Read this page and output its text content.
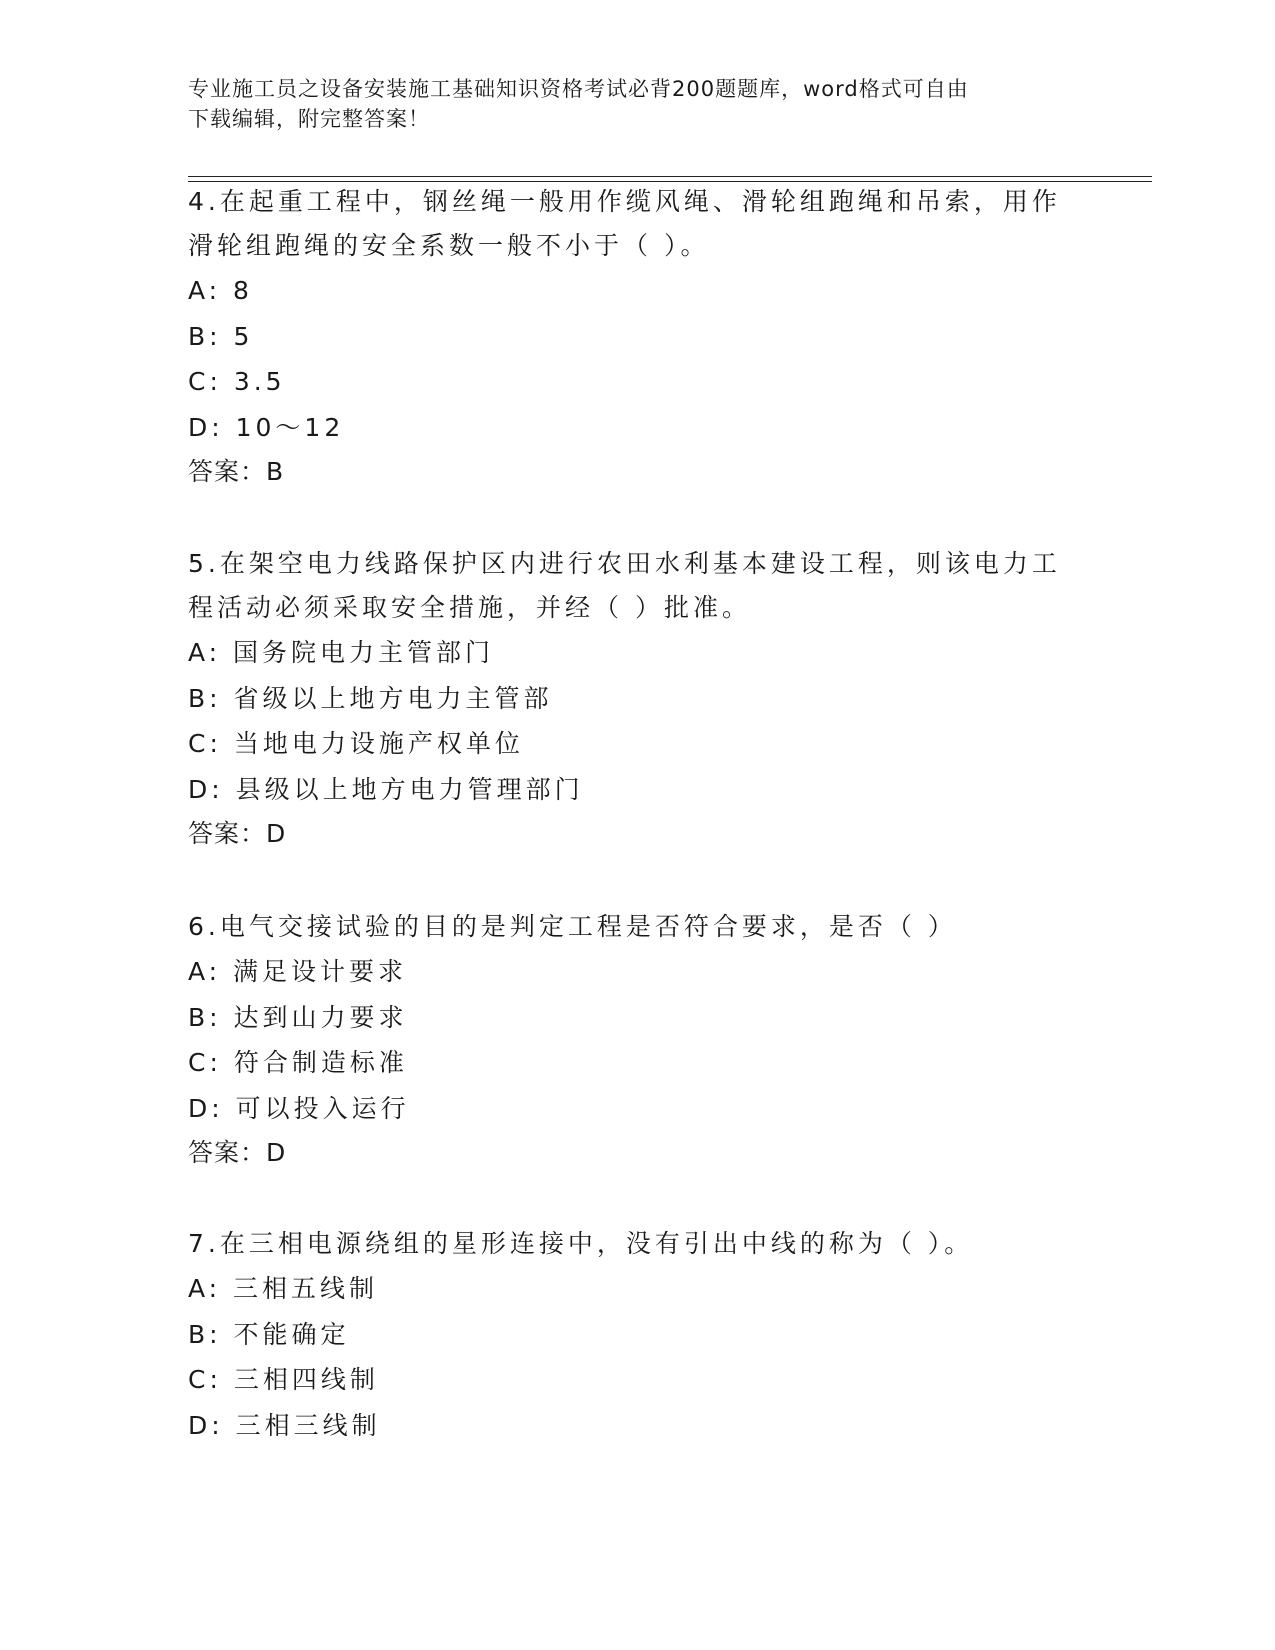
专业施工员之设备安装施工基础知识资格考试必背200题题库，word格式可自由
下载编辑，附完整答案！

4.在起重工程中，钢丝绳一般用作缆风绳、滑轮组跑绳和吊索，用作

滑轮组跑绳的安全系数一般不小于（ ）。

A: 8

B: 5

C: 3.5

D: 10～12

答案：B

5.在架空电力线路保护区内进行农田水利基本建设工程，则该电力工

程活动必须采取安全措施，并经（ ）批准。

A: 国务院电力主管部门

B: 省级以上地方电力主管部

C: 当地电力设施产权单位

D: 县级以上地方电力管理部门

答案：D

6.电气交接试验的目的是判定工程是否符合要求，是否（ ）

A: 满足设计要求

B: 达到山力要求

C: 符合制造标准

D: 可以投入运行

答案：D

7.在三相电源绕组的星形连接中，没有引出中线的称为（ ）。

A: 三相五线制

B: 不能确定

C: 三相四线制

D: 三相三线制
